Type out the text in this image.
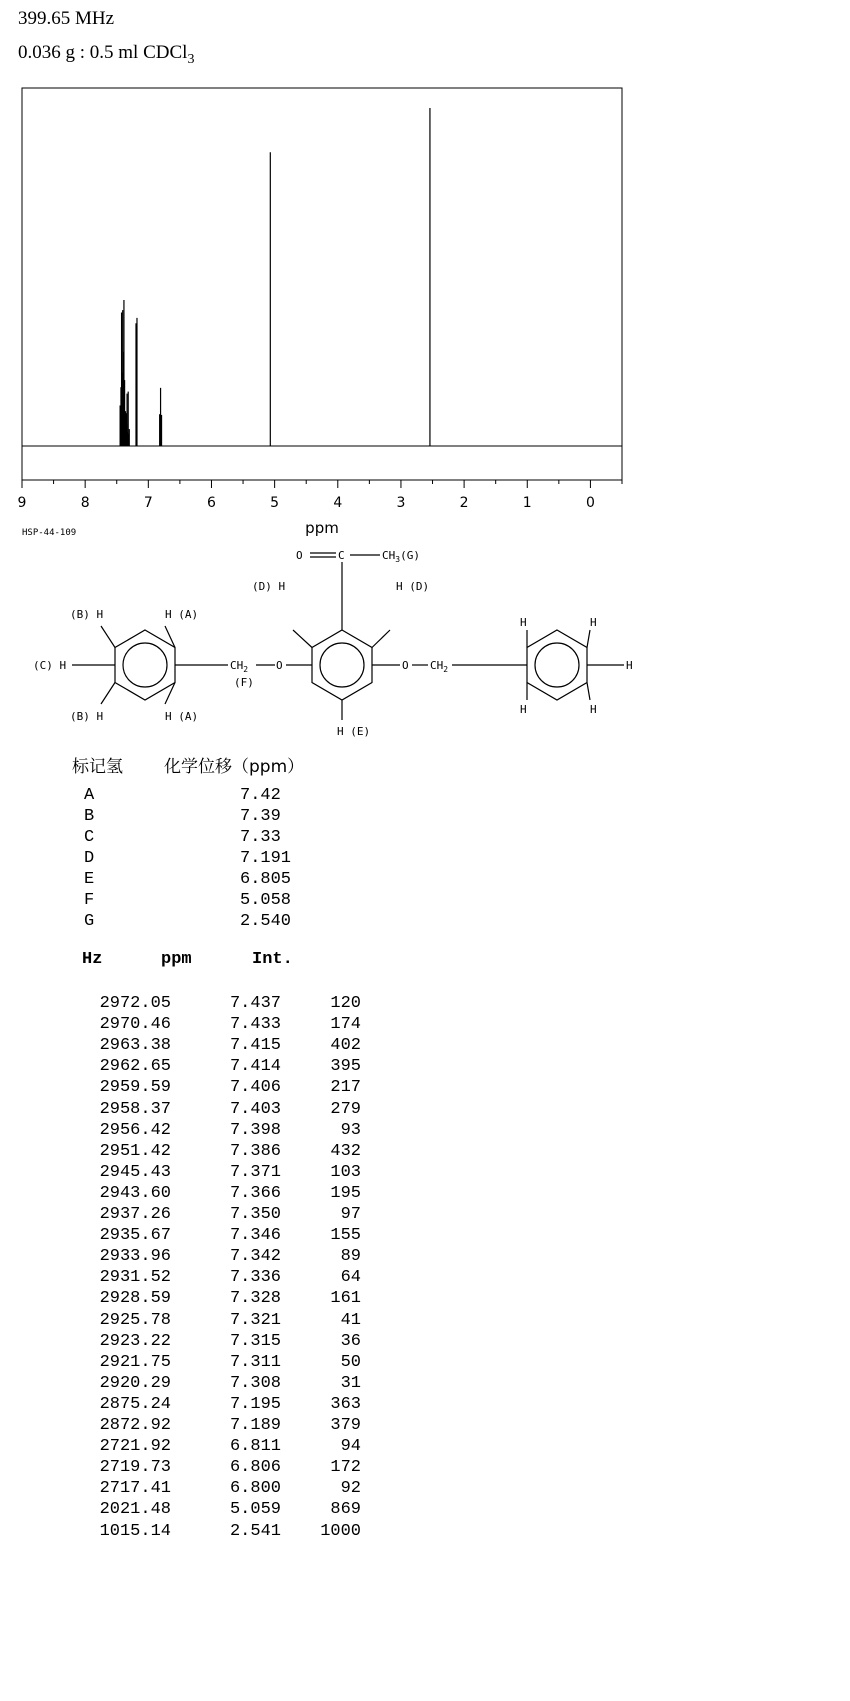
399.65 MHz
0.036 g : 0.5 ml CDCl$_3$
9	8	7	6	5	4	3	2	1	0
ppm
HSP-44-109
(B) H	H (A)
(C) H
(B) H	H (A)
$CH_2$
(F)
O
O	C	$CH_3(G)$
(D) H	H (D)
H (E)
O $CH_2$
H	H
H
H	H
标记氢 化学位移（ppm）
A	7.42
B	7.39
C	7.33
D	7.191
E	6.805
F	5.058
G	2.540
Hz	ppm	Int.
2972.05	7.437	120
2970.46	7.433	174
2963.38	7.415	402
2962.65	7.414	395
2959.59	7.406	217
2958.37	7.403	279
2956.42	7.398	93
2951.42	7.386	432
2945.43	7.371	103
2943.60	7.366	195
2937.26	7.350	97
2935.67	7.346	155
2933.96	7.342	89
2931.52	7.336	64
2928.59	7.328	161
2925.78	7.321	41
2923.22	7.315	36
2921.75	7.311	50
2920.29	7.308	31
2875.24	7.195	363
2872.92	7.189	379
2721.92	6.811	94
2719.73	6.806	172
2717.41	6.800	92
2021.48	5.059	869
1015.14	2.541	1000
